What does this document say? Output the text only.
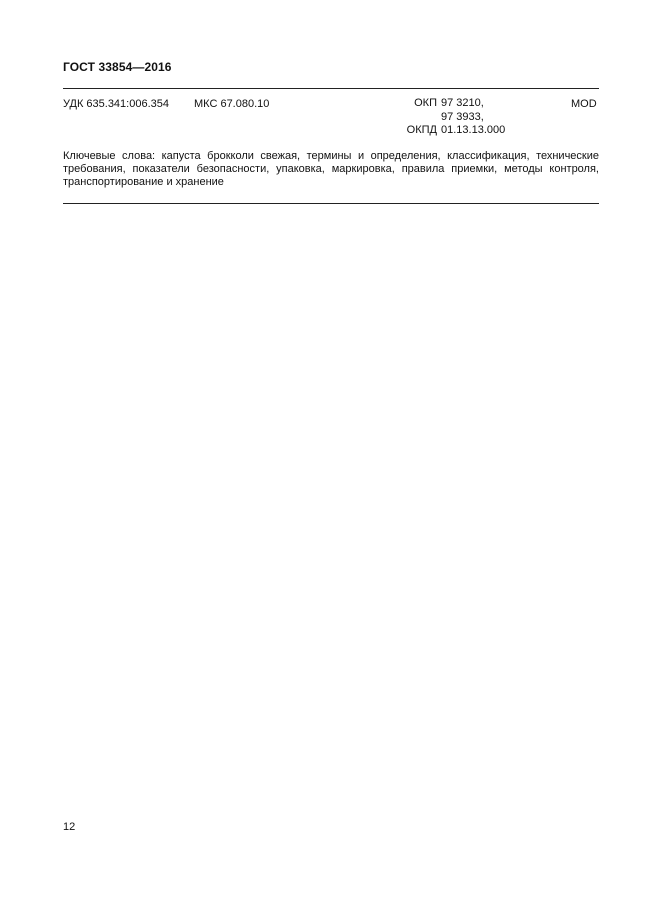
ГОСТ 33854—2016
УДК 635.341:006.354 МКС 67.080.10	ОКП 97 3210,
97 3933,
ОКПД 01.13.13.000
MOD
Ключевые слова: капуста брокколи свежая, термины и определения, классификация, технические требования, показатели безопасности, упаковка, маркировка, правила приемки, методы контроля, транспортирование и хранение
12
